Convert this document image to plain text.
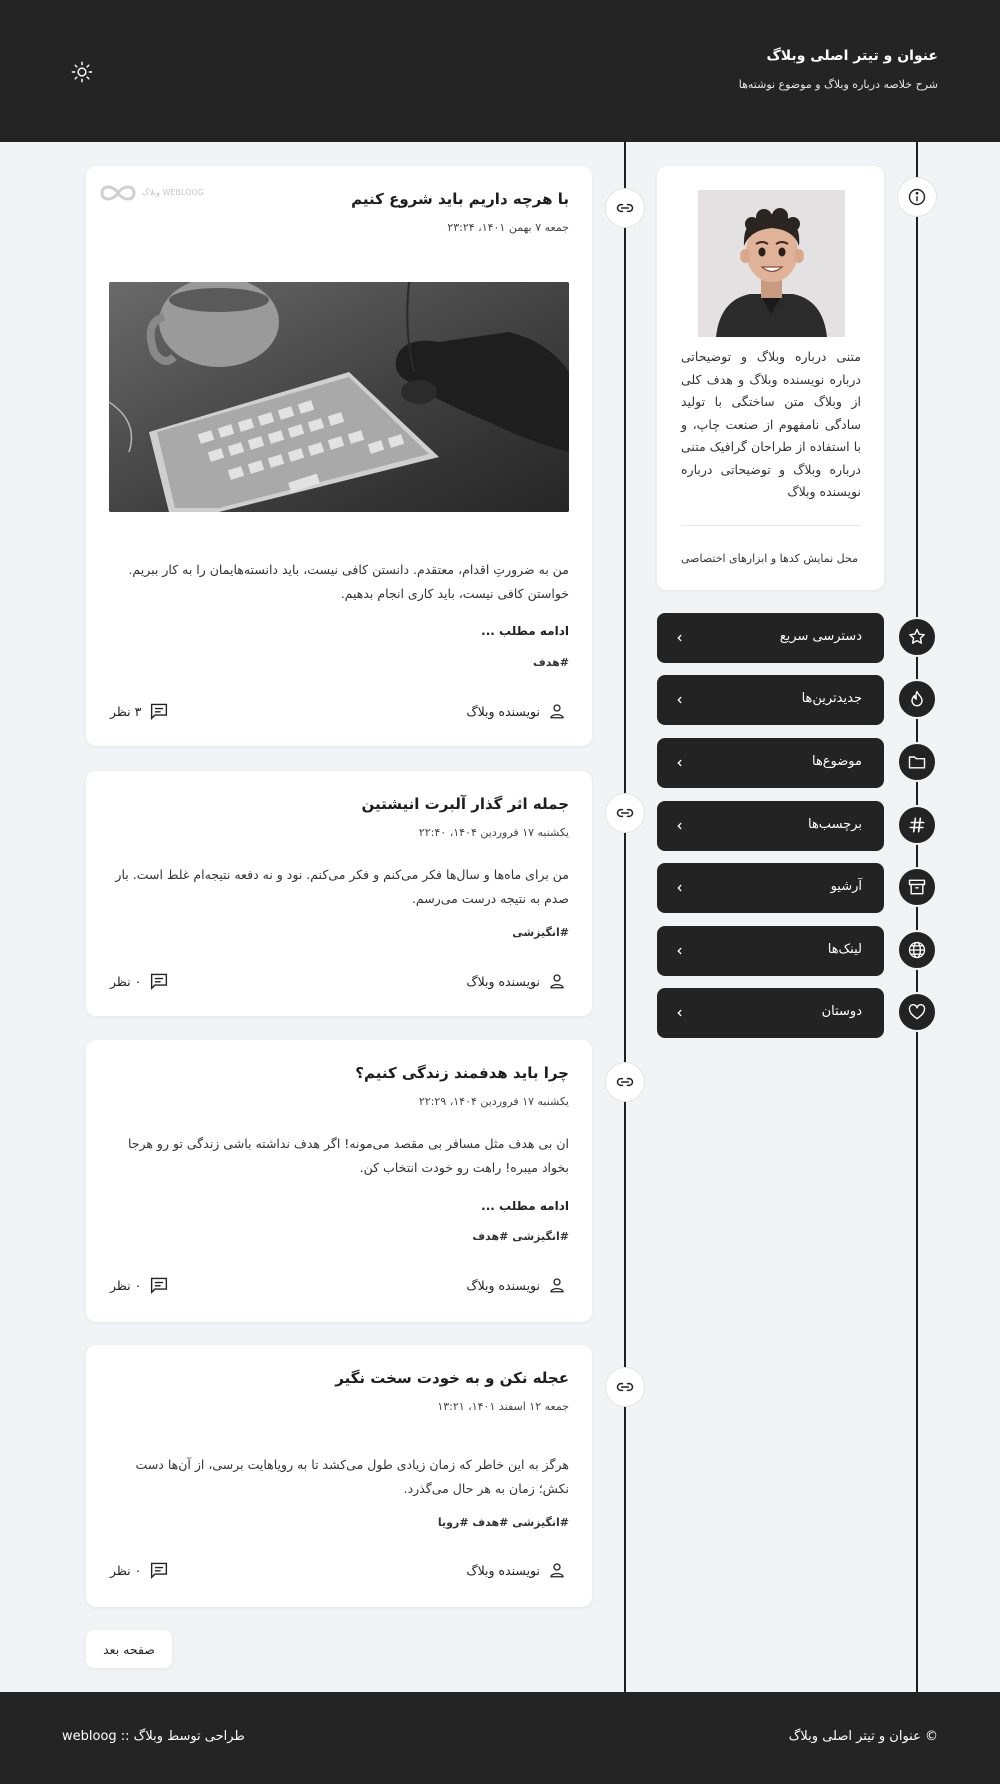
عنوان و تیتر اصلی وبلاگ
شرح خلاصه درباره وبلاگ و موضوع نوشته‌ها
وبلاگ WEBLOOG	با هرچه داریم باید شروع کنیم
جمعه ۷ بهمن ۱۴۰۱، ۲۳:۲۴
من به ضرورتِ اقدام، معتقدم. دانستن کافی نیست، باید دانسته‌هایمان را به کار ببریم. خواستن کافی نیست، باید کاری انجام بدهیم.
ادامه مطلب ...
#هدف
نویسنده وبلاگ
۳ نظر
جمله اثر گذار آلبرت انیشتین
یکشنبه ۱۷ فروردین ۱۴۰۴، ۲۲:۴۰
من برای ماه‌ها و سال‌ها فکر می‌کنم و فکر می‌کنم. نود و نه دفعه نتیجه‌ام غلط است. بار صدم به نتیجه درست می‌رسم.
#انگیزشی
نویسنده وبلاگ
۰ نظر
چرا باید هدفمند زندگی کنیم؟
یکشنبه ۱۷ فروردین ۱۴۰۴، ۲۲:۲۹
ان بی هدف مثل مسافر بی مقصد می‌مونه! اگر هدف نداشته باشی زندگی تو رو هرجا بخواد میبره! راهت رو خودت انتخاب کن.
ادامه مطلب ...
#انگیزشی #هدف
نویسنده وبلاگ
۰ نظر
عجله نکن و به خودت سخت نگیر
جمعه ۱۲ اسفند ۱۴۰۱، ۱۳:۲۱
هرگز به این خاطر که زمان زیادی طول می‌کشد تا به رویاهایت برسی، از آن‌ها دست نکش؛ زمان به هر حال می‌گذرد.
#انگیزشی #هدف #رویا
نویسنده وبلاگ
۰ نظر
صفحه بعد
متنی درباره وبلاگ و توضیحاتی درباره نویسنده وبلاگ و هدف کلی از وبلاگ متن ساختگی با تولید سادگی نامفهوم از صنعت چاپ، و با استفاده از طراحان گرافیک متنی درباره وبلاگ و توضیحاتی درباره نویسنده وبلاگ
محل نمایش کدها و ابزارهای اختصاصی
دسترسی سریع
جدیدترین‌ها
موضوع‌ها
برچسب‌ها
آرشیو
لینک‌ها
دوستان
© عنوان و تیتر اصلی وبلاگ
طراحی توسط وبلاگ :: webloog
